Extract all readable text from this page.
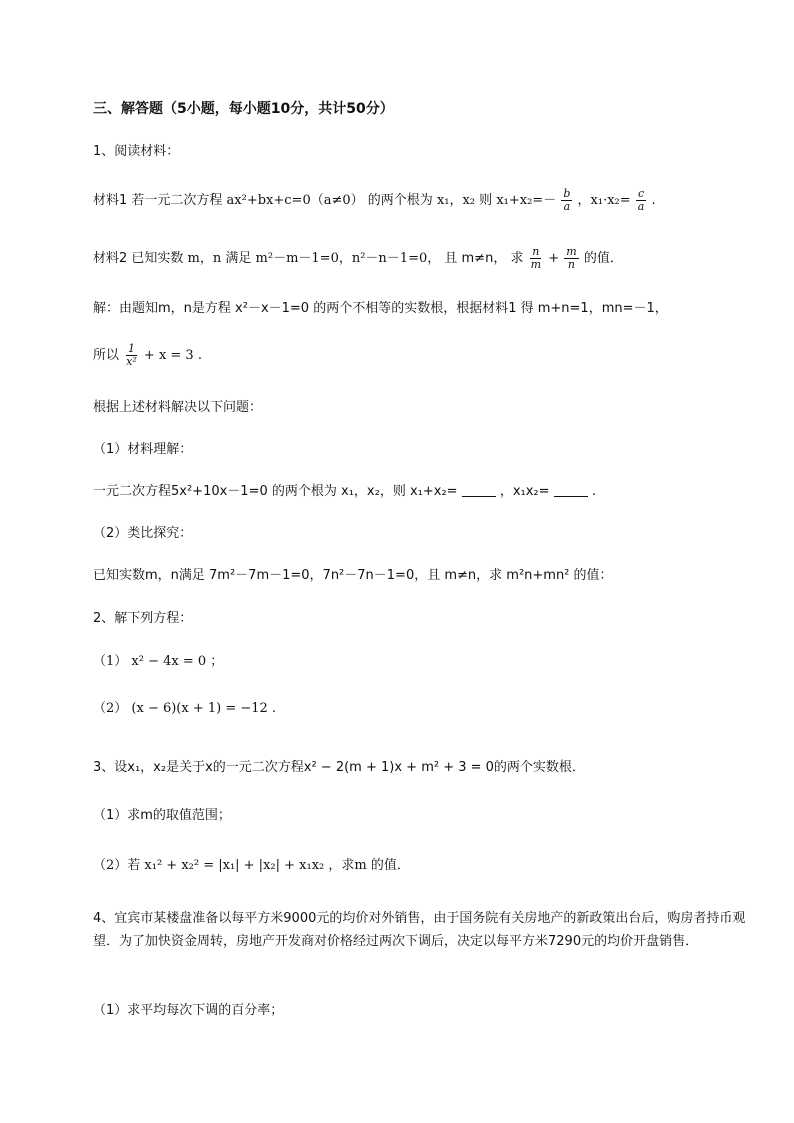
三、解答题（5小题，每小题10分，共计50分）
1、阅读材料：
材料1 若一元二次方程 ax²+bx+c=0（a≠0） 的两个根为 x₁，x₂ 则 $x_1+x_2=- \frac{b}{a}$ ，$x_1\cdot x_2= \frac{c}{a}$ .
材料2 已知实数 m，n 满足 m²－m－1=0，n²－n－1=0， 且 m≠n， 求 $\frac{n}{m} + \frac{m}{n}$ 的值．
解：由题知m，n是方程 x²－x－1=0 的两个不相等的实数根，根据材料1 得 m+n=1，mn=－1，
所以 $\frac{1}{\text{x²}} + x = 3$ .
根据上述材料解决以下问题：
（1）材料理解：
一元二次方程5x²+10x－1=0 的两个根为 x₁，x₂，则 x₁+x₂=	，x₁x₂=	.
（2）类比探究：
已知实数m，n满足 7m²－7m－1=0，7n²－7n－1=0，且 m≠n，求 m²n+mn² 的值：
2、解下列方程：
（1） x² − 4x = 0 ；
（2） (x − 6)(x + 1) = −12 .
3、设x₁，x₂是关于x的一元二次方程x² − 2(m + 1)x + m² + 3 = 0的两个实数根．
（1）求m的取值范围；
（2）若 x₁² + x₂² = |x₁| + |x₂| + x₁x₂ ，求m 的值．
4、宜宾市某楼盘准备以每平方米9000元的均价对外销售，由于国务院有关房地产的新政策出台后，购房者持币观望．为了加快资金周转，房地产开发商对价格经过两次下调后，决定以每平方米7290元的均价开盘销售．
（1）求平均每次下调的百分率；
